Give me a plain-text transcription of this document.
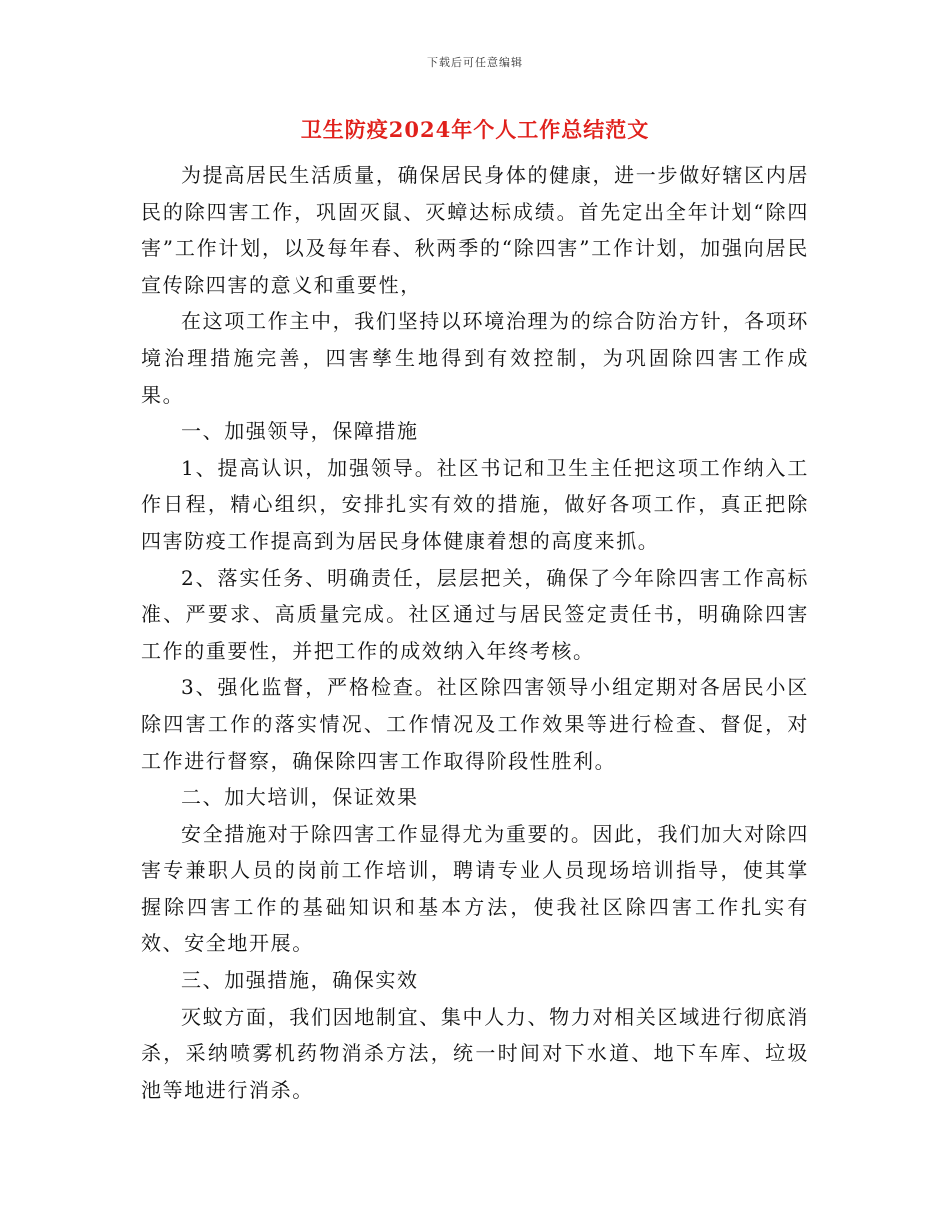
下载后可任意编辑
卫生防疫2024年个人工作总结范文

为提高居民生活质量，确保居民身体的健康，进一步做好辖区内居民的除四害工作，巩固灭鼠、灭蟑达标成绩。首先定出全年计划“除四害”工作计划，以及每年春、秋两季的“除四害”工作计划，加强向居民宣传除四害的意义和重要性，

在这项工作主中，我们坚持以环境治理为的综合防治方针，各项环境治理措施完善，四害孳生地得到有效控制，为巩固除四害工作成果。

一、加强领导，保障措施

1、提高认识，加强领导。社区书记和卫生主任把这项工作纳入工作日程，精心组织，安排扎实有效的措施，做好各项工作，真正把除四害防疫工作提高到为居民身体健康着想的高度来抓。

2、落实任务、明确责任，层层把关，确保了今年除四害工作高标准、严要求、高质量完成。社区通过与居民签定责任书，明确除四害工作的重要性，并把工作的成效纳入年终考核。

3、强化监督，严格检查。社区除四害领导小组定期对各居民小区除四害工作的落实情况、工作情况及工作效果等进行检查、督促，对工作进行督察，确保除四害工作取得阶段性胜利。

二、加大培训，保证效果

安全措施对于除四害工作显得尤为重要的。因此，我们加大对除四害专兼职人员的岗前工作培训，聘请专业人员现场培训指导，使其掌握除四害工作的基础知识和基本方法，使我社区除四害工作扎实有效、安全地开展。

三、加强措施，确保实效

灭蚊方面，我们因地制宜、集中人力、物力对相关区域进行彻底消杀，采纳喷雾机药物消杀方法，统一时间对下水道、地下车库、垃圾池等地进行消杀。
